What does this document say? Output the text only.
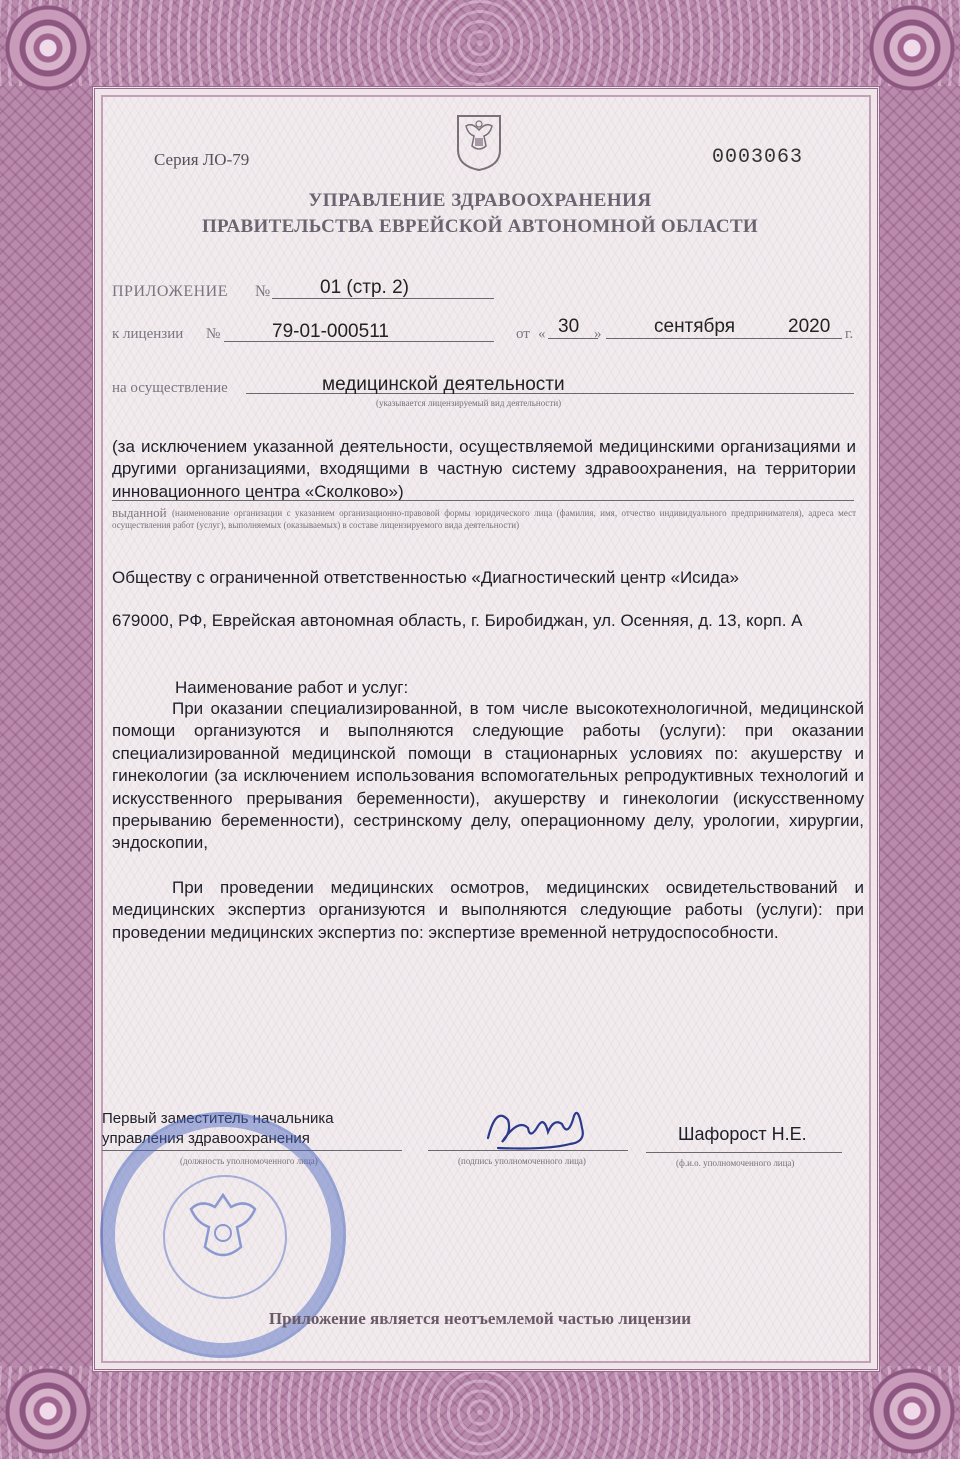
Серия ЛО-79	0003063
УПРАВЛЕНИЕ ЗДРАВООХРАНЕНИЯ
ПРАВИТЕЛЬСТВА ЕВРЕЙСКОЙ АВТОНОМНОЙ ОБЛАСТИ
ПРИЛОЖЕНИЕ №	01 (стр. 2)
к лицензии №	79-01-000511	от « 30 »	сентября	2020 г.
на осуществление	медицинской деятельности
(указывается лицензируемый вид деятельности)
(за исключением указанной деятельности, осуществляемой медицинскими организациями и другими организациями, входящими в частную систему здравоохранения, на территории инновационного центра «Сколково»)
выданной (наименование организации с указанием организационно-правовой формы юридического лица (фамилия, имя, отчество индивидуального предпринимателя), адреса мест осуществления работ (услуг), выполняемых (оказываемых) в составе лицензируемого вида деятельности)
Обществу с ограниченной ответственностью «Диагностический центр «Исида»
679000, РФ, Еврейская автономная область, г. Биробиджан, ул. Осенняя, д. 13, корп. А
Наименование работ и услуг:
При оказании специализированной, в том числе высокотехнологичной, медицинской помощи организуются и выполняются следующие работы (услуги): при оказании специализированной медицинской помощи в стационарных условиях по: акушерству и гинекологии (за исключением использования вспомогательных репродуктивных технологий и искусственного прерывания беременности), акушерству и гинекологии (искусственному прерыванию беременности), сестринскому делу, операционному делу, урологии, хирургии, эндоскопии,
При проведении медицинских осмотров, медицинских освидетельствований и медицинских экспертиз организуются и выполняются следующие работы (услуги): при проведении медицинских экспертиз по: экспертизе временной нетрудоспособности.
Первый заместитель начальника
управления здравоохранения
(должность уполномоченного лица)	(подпись уполномоченного лица)
Шафорост Н.Е.
(ф.и.о. уполномоченного лица)
Приложение является неотъемлемой частью лицензии
